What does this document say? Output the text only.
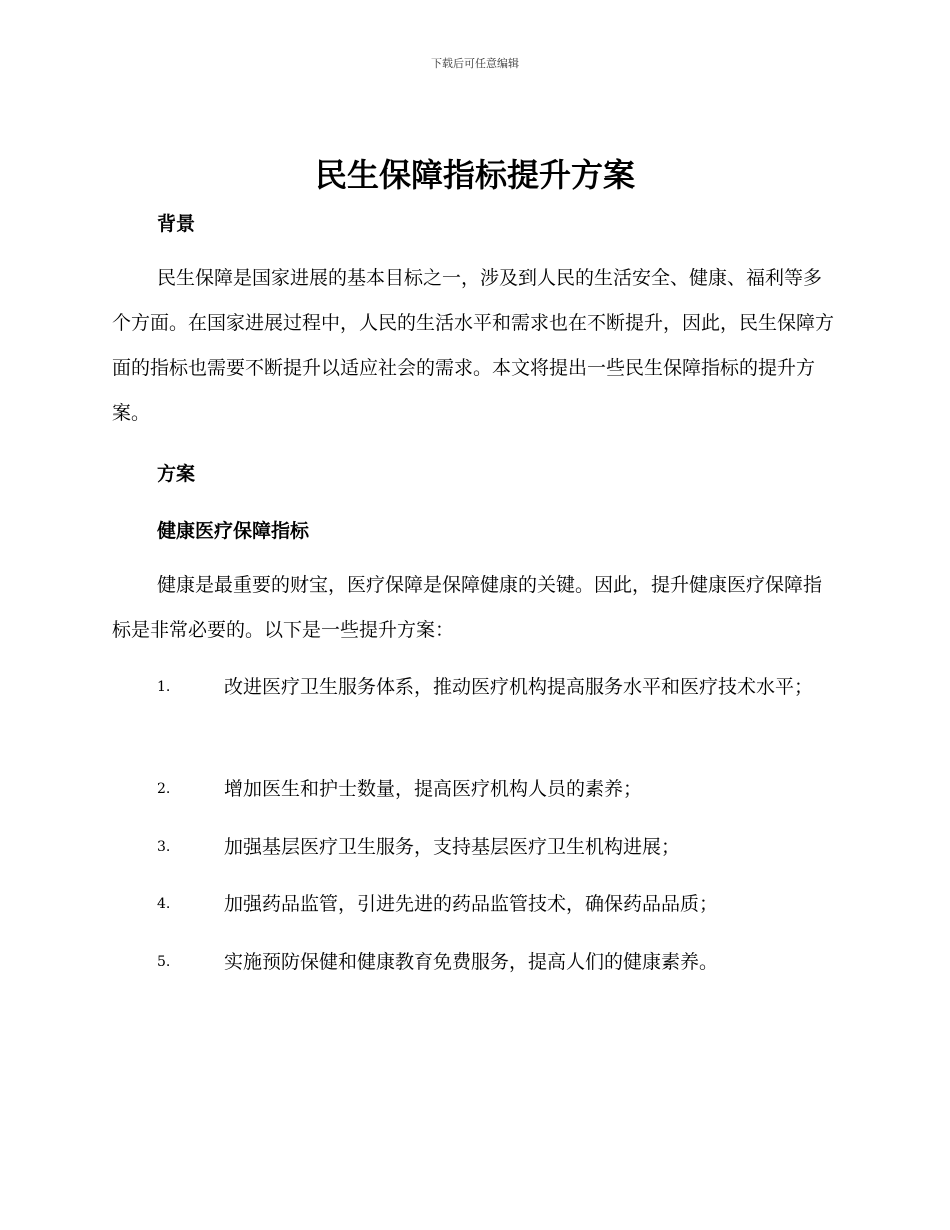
下载后可任意编辑
民生保障指标提升方案
背景

民生保障是国家进展的基本目标之一，涉及到人民的生活安全、健康、福利等多个方面。在国家进展过程中，人民的生活水平和需求也在不断提升，因此，民生保障方面的指标也需要不断提升以适应社会的需求。本文将提出一些民生保障指标的提升方案。

方案
健康医疗保障指标

健康是最重要的财宝，医疗保障是保障健康的关键。因此，提升健康医疗保障指标是非常必要的。以下是一些提升方案：

1.	改进医疗卫生服务体系，推动医疗机构提高服务水平和医疗技术水平；
2.	增加医生和护士数量，提高医疗机构人员的素养；
3.	加强基层医疗卫生服务，支持基层医疗卫生机构进展；
4.	加强药品监管，引进先进的药品监管技术，确保药品品质；
5.	实施预防保健和健康教育免费服务，提高人们的健康素养。
